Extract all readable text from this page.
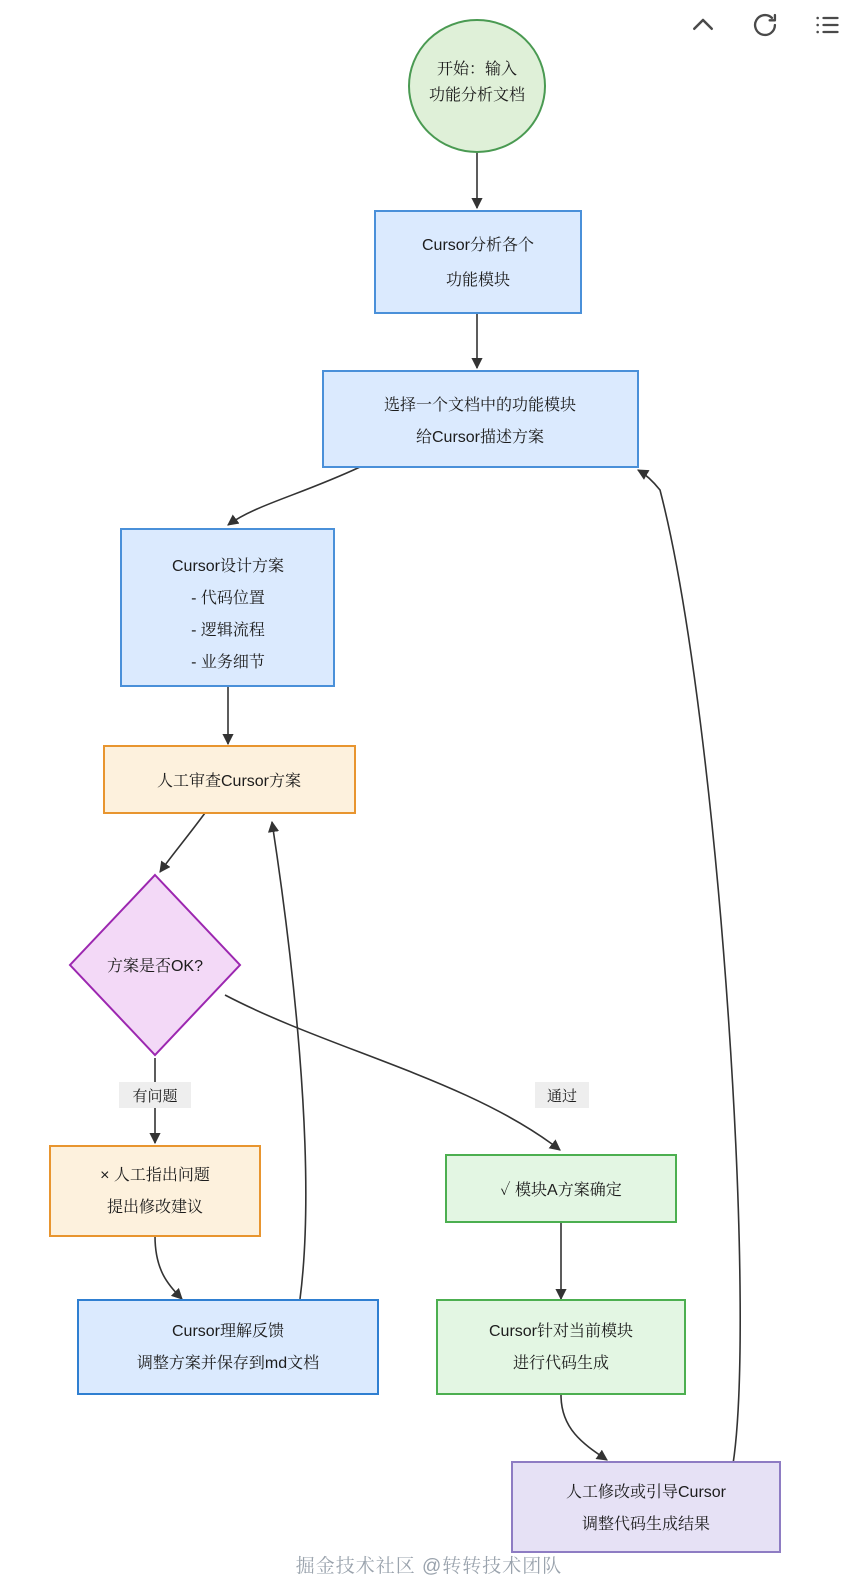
开始：输入
功能分析文档
Cursor分析各个
功能模块
选择一个文档中的功能模块
给Cursor描述方案
Cursor设计方案
- 代码位置
- 逻辑流程
- 业务细节
人工审查Cursor方案
方案是否OK?
有问题	通过
× 人工指出问题
提出修改建议
Cursor理解反馈
调整方案并保存到md文档
✓ 模块A方案确定
Cursor针对当前模块
进行代码生成
人工修改或引导Cursor
调整代码生成结果
掘金技术社区 @转转技术团队
